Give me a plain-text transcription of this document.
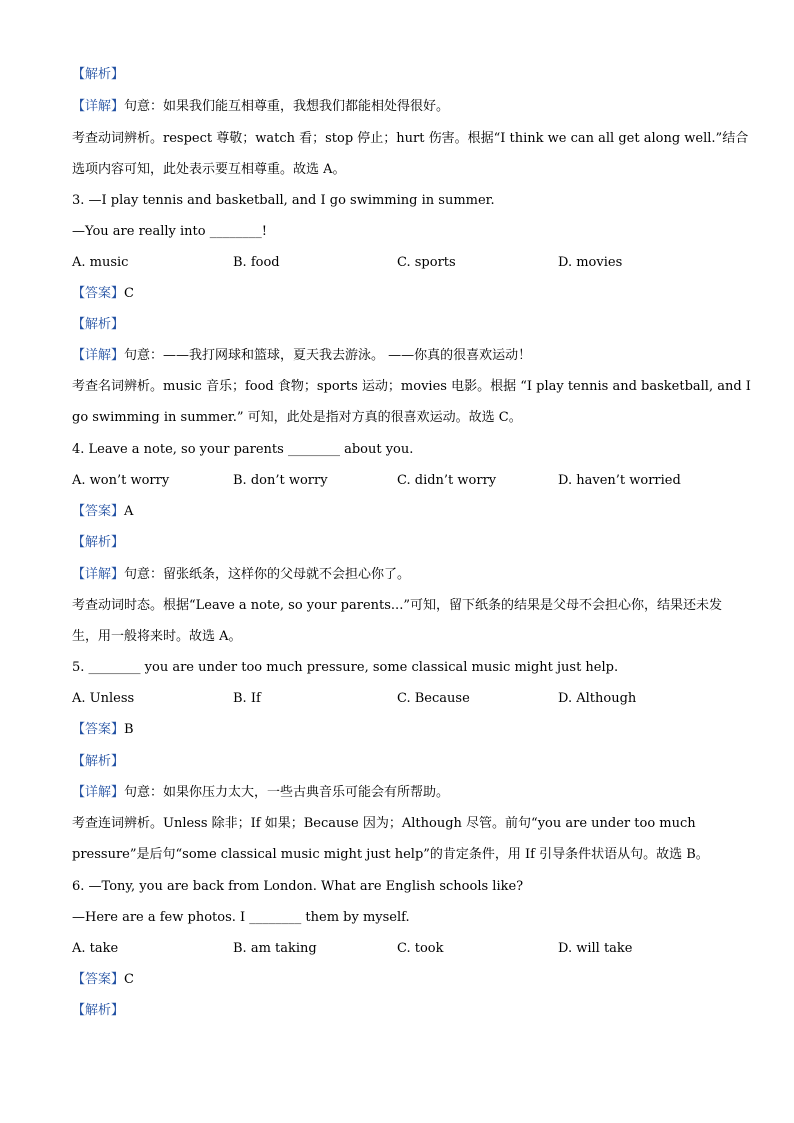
【解析】
【详解】句意：如果我们能互相尊重，我想我们都能相处得很好。
考查动词辨析。respect 尊敬；watch 看；stop 停止；hurt 伤害。根据“I think we can all get along well.”结合
选项内容可知，此处表示要互相尊重。故选 A。
3. —I play tennis and basketball, and I go swimming in summer.
—You are really into ________!
A. music	B. food	C. sports	D. movies
【答案】C
【解析】
【详解】句意：——我打网球和篮球，夏天我去游泳。 ——你真的很喜欢运动！
考查名词辨析。music 音乐；food 食物；sports 运动；movies 电影。根据 “I play tennis and basketball, and I
go swimming in summer.” 可知，此处是指对方真的很喜欢运动。故选 C。
4. Leave a note, so your parents ________ about you.
A. won’t worry	B. don’t worry	C. didn’t worry	D. haven’t worried
【答案】A
【解析】
【详解】句意：留张纸条，这样你的父母就不会担心你了。
考查动词时态。根据“Leave a note, so your parents...”可知，留下纸条的结果是父母不会担心你，结果还未发
生，用一般将来时。故选 A。
5. ________ you are under too much pressure, some classical music might just help.
A. Unless	B. If	C. Because	D. Although
【答案】B
【解析】
【详解】句意：如果你压力太大，一些古典音乐可能会有所帮助。
考查连词辨析。Unless 除非；If 如果；Because 因为；Although 尽管。前句“you are under too much
pressure”是后句“some classical music might just help”的肯定条件，用 If 引导条件状语从句。故选 B。
6. —Tony, you are back from London. What are English schools like?
—Here are a few photos. I ________ them by myself.
A. take	B. am taking	C. took	D. will take
【答案】C
【解析】
